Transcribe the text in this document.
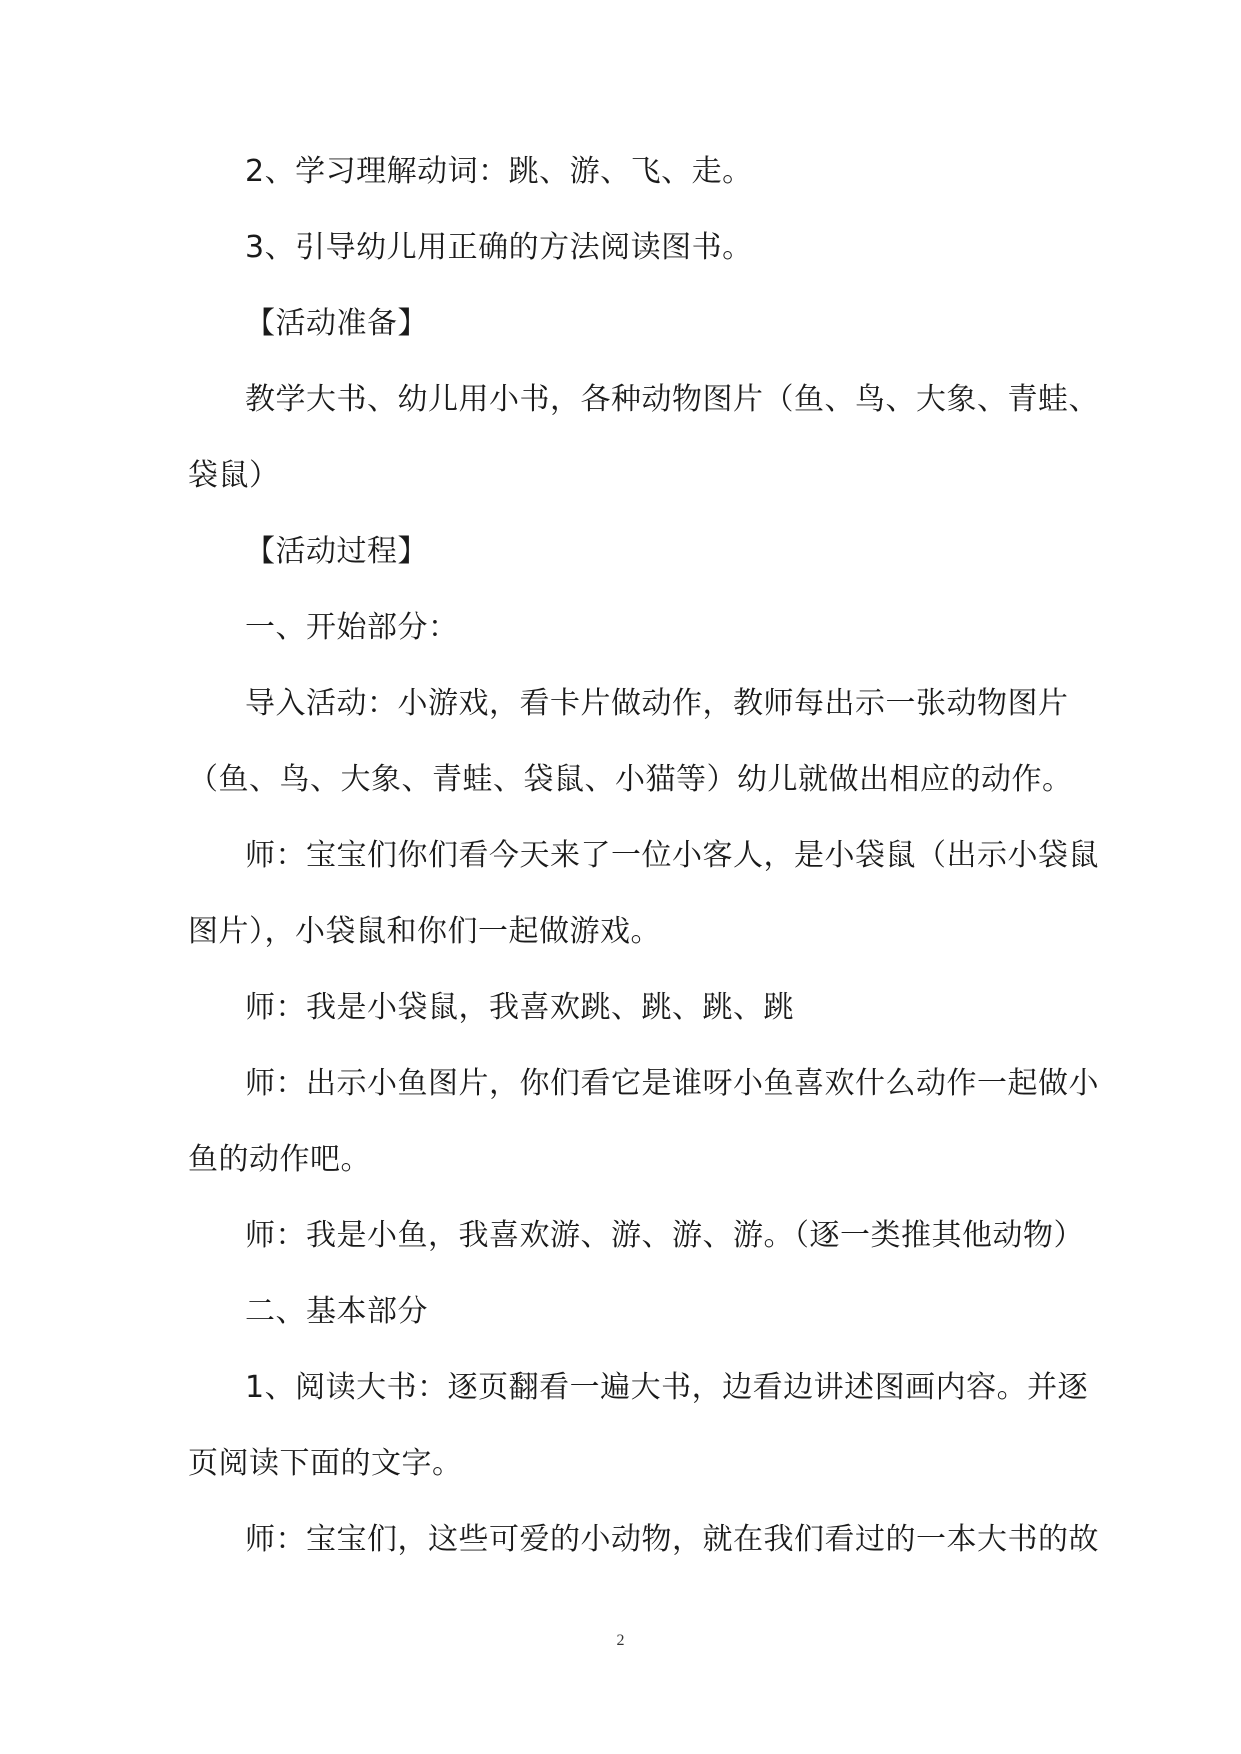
2、学习理解动词：跳、游、飞、走。
3、引导幼儿用正确的方法阅读图书。
【活动准备】
教学大书、幼儿用小书，各种动物图片（鱼、鸟、大象、青蛙、
袋鼠）
【活动过程】
一、开始部分：
导入活动：小游戏，看卡片做动作，教师每出示一张动物图片
（鱼、鸟、大象、青蛙、袋鼠、小猫等）幼儿就做出相应的动作。
师：宝宝们你们看今天来了一位小客人，是小袋鼠（出示小袋鼠
图片），小袋鼠和你们一起做游戏。
师：我是小袋鼠，我喜欢跳、跳、跳、跳
师：出示小鱼图片，你们看它是谁呀小鱼喜欢什么动作一起做小
鱼的动作吧。
师：我是小鱼，我喜欢游、游、游、游。（逐一类推其他动物）
二、基本部分
1、阅读大书：逐页翻看一遍大书，边看边讲述图画内容。并逐
页阅读下面的文字。
师：宝宝们，这些可爱的小动物，就在我们看过的一本大书的故
2
